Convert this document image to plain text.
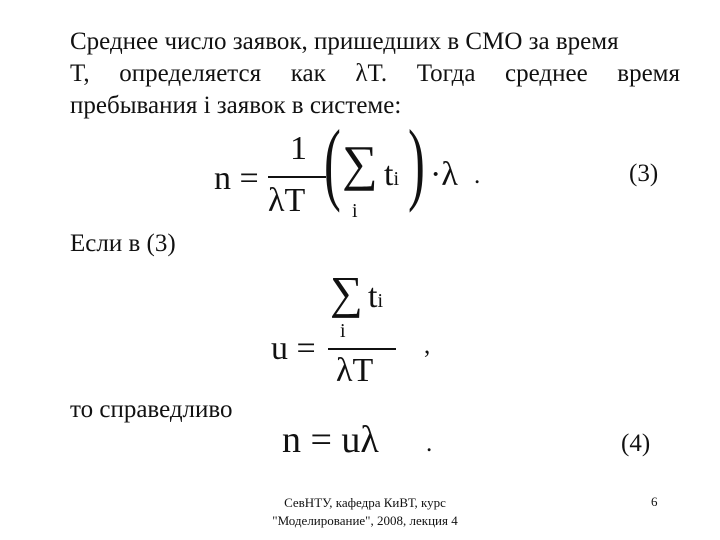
Среднее число заявок, пришедших в СМО за время
T, определяется как λT. Тогда среднее время
пребывания i заявок в системе:
n =
1
λT ( ∑
i
ti ) ·λ .	(3)
Если в (3)
u =
∑
i
ti
λT
,
то справедливо
n = uλ .	(4)
СевНТУ, кафедра КиВТ, курс
"Моделирование", 2008, лекция 4
6
